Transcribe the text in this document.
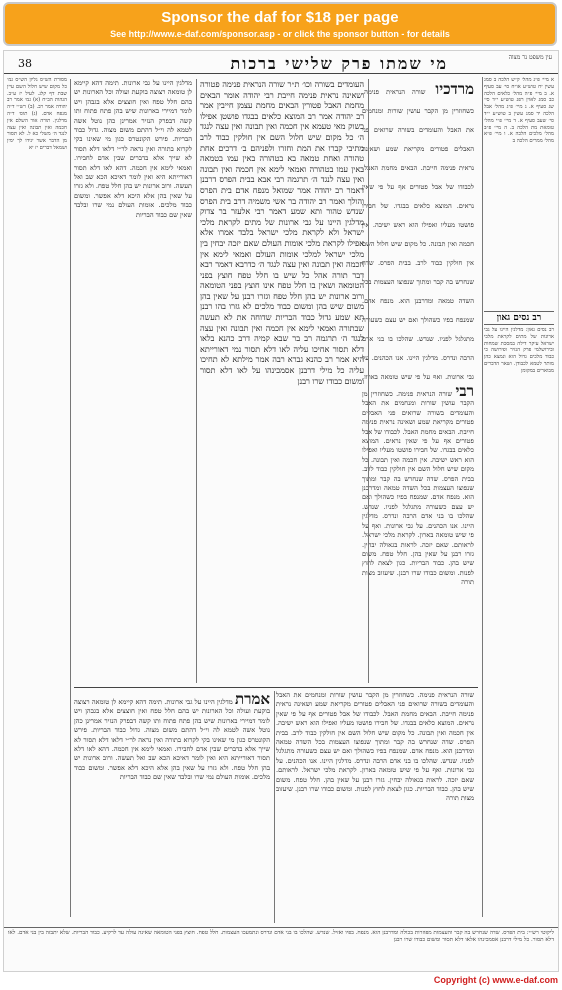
Sponsor the daf for $18 per page
See http://www.e-daf.com/sponsor.asp - or click the sponsor button - for details
38	מי שמתו פרק שלישי ברכות	עין משפט נר מצוה
א מיי׳ פ״ג מהל׳ ק״ש הלכה ב סמג עשין יח טוש״ע או״ח סי׳ עב סעיף א. ב מיי׳ פ״ה מהל׳ כלאים הלכה כב סמג לאוין רפג טוש״ע י״ד סי׳ שג סעיף א. ג מיי׳ פ״ג מהל׳ אבל הלכה יד סמג עשין ב טוש״ע י״ד סי׳ שעב סעיף א. ד מיי׳ פ״י מהל׳ טומאת מת הלכה ב. ה מיי׳ פ״ב מהל׳ מלכים הלכה א. ו מיי׳ פ״א מהל׳ ממרים הלכה ב
רב נסים גאון
רב נסים גאון: מדלגין היינו על גבי ארונות של מתים לקראת מלכי ישראל עיקר דילה במסכת שמחות ובירושלמי פרק הנזיר ופירושה כי כבוד מלכים גדול הוא ונמצא כהן מותר לטמא לכבודן. ושאר הדברים מבוארים במקומן
מרדכיו שורה הנראית פנימה. כשחוזרין מן הקבר עושין שורות ומנחמים את האבל והעומדים בשורה שרואים פני האבלים פטורים מקריאת שמע ושאינה נראית פנימה חייבת. הבאים מחמת האבל. לכבודו של אבל פטורים אף על פי שאין נראים. המוצא כלאים בבגדו. של חבירו פושטו מעליו ואפילו הוא ראש ישיבה. אין חכמה ואין תבונה. כל מקום שיש חלול השם אין חולקין כבוד לרב. בבית הפרס. שדה שנחרש בה קבר ומתוך שנפוצו העצמות בכל השדה טמאה ומדרבנן הוא. מנפח אדם. שמנפח בפיו כשהולך ואם יש עצם כשעורה מתגלגל לפניו. שנדש. שהלכו בו בני אדם הרבה ונדרס. מדלגין היינו. אנו הכהנים. על גבי ארונות. ואף על פי שיש טומאה בארון.
רבי שורה הנראית פנימה. כשחוזרין מן הקבר עושין שורות ומנחמים את האבל והעומדים בשורה שרואים פני האבלים פטורים מקריאת שמע ושאינה נראית פנימה חייבת. הבאים מחמת האבל. לכבודו של אבל פטורים אף על פי שאין נראים. המוצא כלאים בבגדו. של חבירו פושטו מעליו ואפילו הוא ראש ישיבה. אין חכמה ואין תבונה. כל מקום שיש חלול השם אין חולקין כבוד לרב. בבית הפרס. שדה שנחרש בה קבר ומתוך שנפוצו העצמות בכל השדה טמאה ומדרבנן הוא. מנפח אדם. שמנפח בפיו כשהולך ואם יש עצם כשעורה מתגלגל לפניו. שנדש. שהלכו בו בני אדם הרבה ונדרס. מדלגין היינו. אנו הכהנים. על גבי ארונות. ואף על פי שיש טומאה בארון. לקראת מלכי ישראל. לראותם. שאם יזכה. לראות בגאולה יבחין. גזרו רבנן על שאין בהן. חלל טפח. משום שיש בהן. כבוד הבריות. כגון לצאת לחוץ לפנות. ומשום כבודו שרו רבנן. שיעזוב מצות תורה
העומדים בשורה וכו׳ ת״ר שורה הנראית פנימה פטורה ושאינה נראית פנימה חייבת רבי יהודה אומר הבאים מחמת האבל פטורין הבאים מחמת עצמן חייבין אמר רב יהודה אמר רב המוצא כלאים בבגדו פושטן אפילו בשוק מאי טעמא אין חכמה ואין תבונה ואין עצה לנגד ה׳ כל מקום שיש חלול השם אין חולקין כבוד לרב מתיבי קברו את המת וחזרו ולפניהם ב׳ דרכים אחת טהורה ואחת טמאה בא בטהורה באין עמו בטמאה באין עמו בטהורה ואמאי לימא אין חכמה ואין תבונה ואין עצה לנגד ה׳ תרגמה רבי אבא בבית הפרס דרבנן דאמר רב יהודה אמר שמואל מנפח אדם בית הפרס והולך ואמר רב יהודה בר אשי משמיה דרב בית הפרס שנדש טהור ותא שמע דאמר רבי אלעזר בר צדוק מדלגין היינו על גבי ארונות של מתים לקראת מלכי ישראל ולא לקראת מלכי ישראל בלבד אמרו אלא אפילו לקראת מלכי אומות העולם שאם יזכה יבחין בין מלכי ישראל למלכי אומות העולם ואמאי לימא אין חכמה ואין תבונה ואין עצה לנגד ה׳ כדרבא דאמר רבא דבר תורה אהל כל שיש בו חלל טפח חוצץ בפני הטומאה ושאין בו חלל טפח אינו חוצץ בפני הטומאה ורוב ארונות יש בהן חלל טפח וגזרו רבנן על שאין בהן משום שיש בהן ומשום כבוד מלכים לא גזרו בהו רבנן תא שמע גדול כבוד הבריות שדוחה את לא תעשה שבתורה ואמאי לימא אין חכמה ואין תבונה ואין עצה לנגד ה׳ תרגמה רב בר שבא קמיה דרב כהנא בלאו דלא תסור אחיכו עליה לאו דלא תסור נמי דאורייתא היא אמר רב כהנא גברא רבה אמר מילתא לא תחיכו עליה כל מילי דרבנן אסמכינהו על לאו דלא תסור ומשום כבודו שרו רבנן
מדלגין היינו על גבי ארונות. תימה דהא קיימא לן טומאה רצוצה בוקעת ועולה וכל הארונות יש בהם חלל טפח ואין חוצצים אלא בגבהן ויש לומר דמיירי בארונות שיש בהן פתח פתוח ותו קשה דבפרק הנזיר אמרינן כהן נוטל אשה לטמא לה וי״ל דהתם משום מצוה. גדול כבוד הבריות. פירש הקונטרס כגון מי שאינו בקי לקרוא בתורה ואין נראה לר״י דלאו דלא תסור לא שייך אלא בדברים שבין אדם לחבירו. ואמאי לימא אין חכמה. דהא לאו דלא תסור דאורייתא היא ואין לומר דאיכא הכא שב ואל תעשה. ורוב ארונות יש בהן חלל טפח. ולא גזרו על שאין בהן אלא היכא דלא אפשר. ומשום כבוד מלכים. אומות העולם נמי שרו ובלבד שאין שם כבוד הבריות
מסורת הש״ס גליון הש״ס גמ׳ כל מקום שיש חלול השם עיין שבת דף קלג. לעיל יז ע״ב. הגהות הב״ח (א) גמ׳ אמר רב יהודה אמר רב. (ב) רש״י ד״ה מנפח אדם. (ג) תוס׳ ד״ה מדלגין. תורה אור השלם אין חכמה ואין תבונה ואין עצה לנגד ה׳ משלי כא ל. לא תסור מן הדבר אשר יגידו לך ימין ושמאל דברים יז יא
שורה הנראית פנימה. כשחוזרין מן הקבר עושין שורות ומנחמים את האבל והעומדים בשורה שרואים פני האבלים פטורים מקריאת שמע ושאינה נראית פנימה חייבת. הבאים מחמת האבל. לכבודו של אבל פטורים אף על פי שאין נראים. המוצא כלאים בבגדו. של חבירו פושטו מעליו ואפילו הוא ראש ישיבה. אין חכמה ואין תבונה. כל מקום שיש חלול השם אין חולקין כבוד לרב. בבית הפרס. שדה שנחרש בה קבר ומתוך שנפוצו העצמות בכל השדה טמאה ומדרבנן הוא. מנפח אדם. שמנפח בפיו כשהולך ואם יש עצם כשעורה מתגלגל לפניו. שנדש. שהלכו בו בני אדם הרבה ונדרס. מדלגין היינו. אנו הכהנים. על גבי ארונות. ואף על פי שיש טומאה בארון. לקראת מלכי ישראל. לראותם. שאם יזכה. לראות בגאולה יבחין. גזרו רבנן על שאין בהן. חלל טפח. משום שיש בהן. כבוד הבריות. כגון לצאת לחוץ לפנות. ומשום כבודו שרו רבנן. שיעזוב מצות תורה
אמרת מדלגין היינו על גבי ארונות. תימה דהא קיימא לן טומאה רצוצה בוקעת ועולה וכל הארונות יש בהם חלל טפח ואין חוצצים אלא בגבהן ויש לומר דמיירי בארונות שיש בהן פתח פתוח ותו קשה דבפרק הנזיר אמרינן כהן נוטל אשה לטמא לה וי״ל דהתם משום מצוה. גדול כבוד הבריות. פירש הקונטרס כגון מי שאינו בקי לקרוא בתורה ואין נראה לר״י דלאו דלא תסור לא שייך אלא בדברים שבין אדם לחבירו. ואמאי לימא אין חכמה. דהא לאו דלא תסור דאורייתא היא ואין לומר דאיכא הכא שב ואל תעשה. ורוב ארונות יש בהן חלל טפח. ולא גזרו על שאין בהן אלא היכא דלא אפשר. ומשום כבוד מלכים. אומות העולם נמי שרו ובלבד שאין שם כבוד הבריות
ליקוטי רש״י: בית הפרס. שדה שנחרש בה קבר והעצמות מפוזרות בכולה ומדרבנן הוא. מנפח. בפיו ואזיל. שנדש. שהלכו בו בני אדם ונדרס ונתמעכו העצמות. חלל טפח. חוצץ בפני הטומאה שאינה עולה עד לרקיע. כבוד הבריות. שלא יתבזה בין בני אדם. לאו דלא תסור. כל מילי דרבנן אסמכינהו אלאו דלא תסור ומשום כבודו שרו רבנן
Copyright (c) www.e-daf.com
